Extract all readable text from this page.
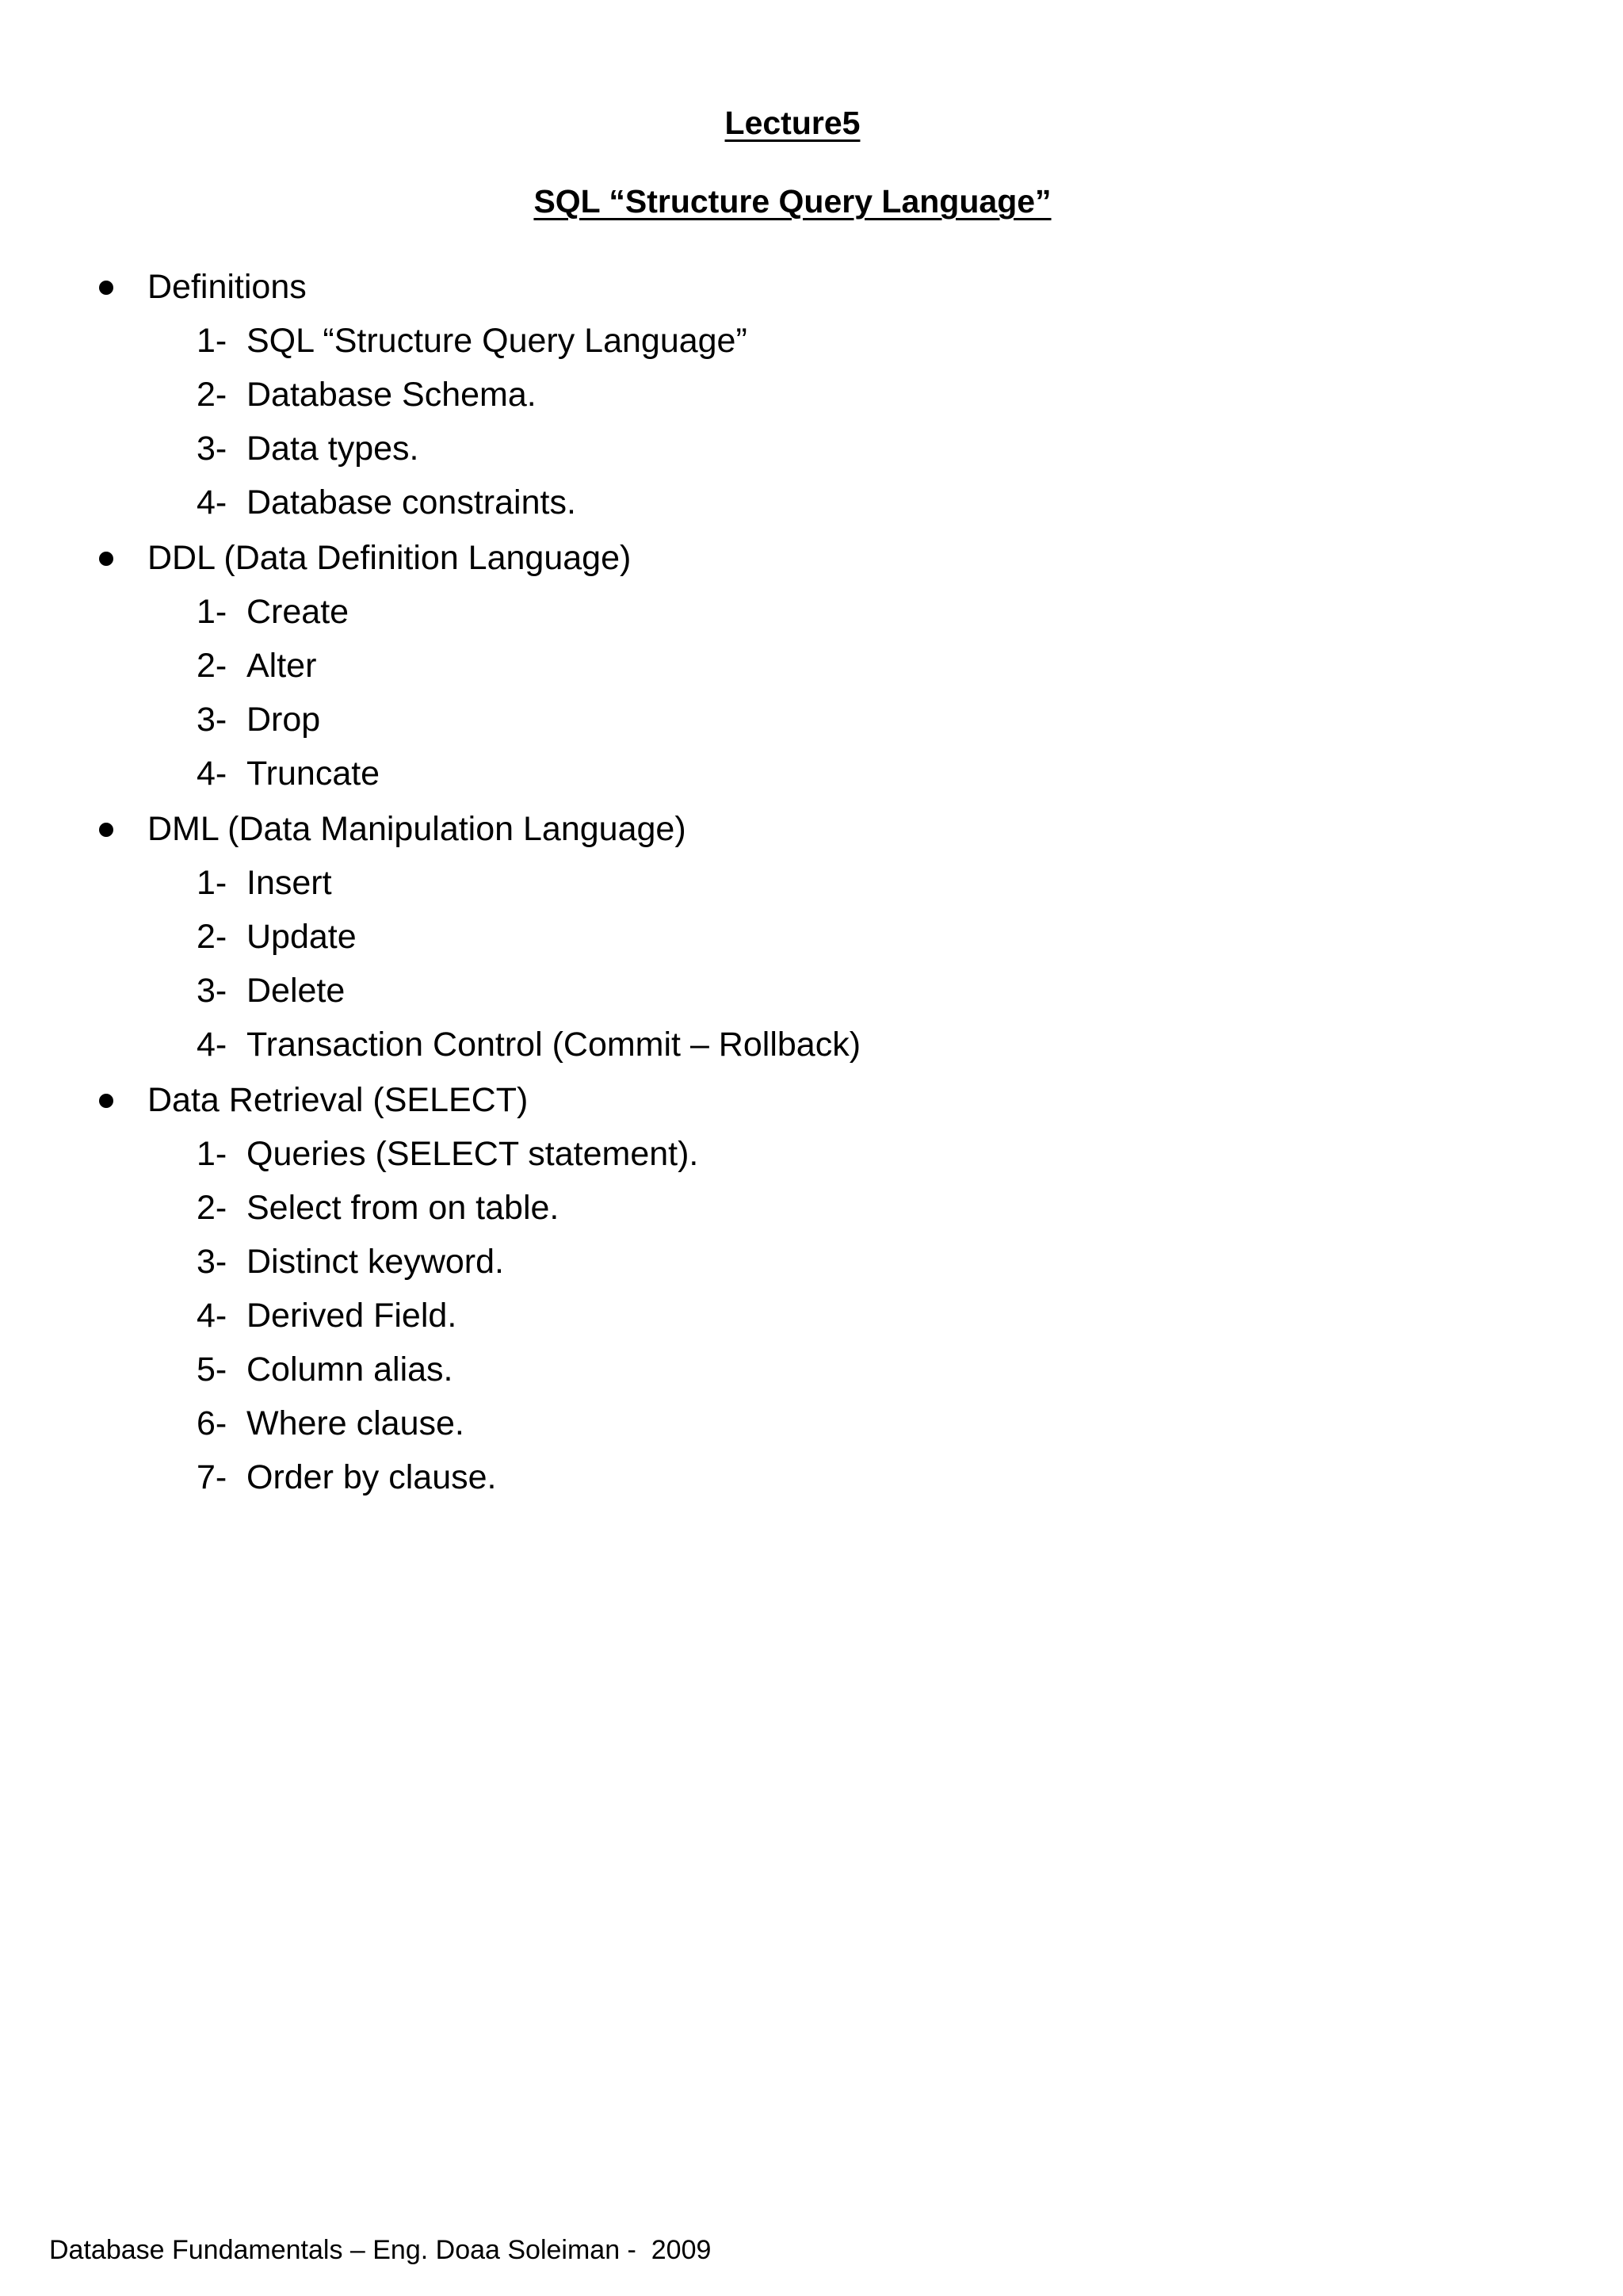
Lecture5
SQL “Structure Query Language”
Definitions
1- SQL “Structure Query Language”
2- Database Schema.
3- Data types.
4- Database constraints.
DDL (Data Definition Language)
1- Create
2- Alter
3- Drop
4- Truncate
DML (Data Manipulation Language)
1- Insert
2- Update
3- Delete
4- Transaction Control (Commit – Rollback)
Data Retrieval (SELECT)
1- Queries (SELECT statement).
2- Select from on table.
3- Distinct keyword.
4- Derived Field.
5- Column alias.
6- Where clause.
7- Order by clause.
Database Fundamentals – Eng. Doaa Soleiman -  2009
